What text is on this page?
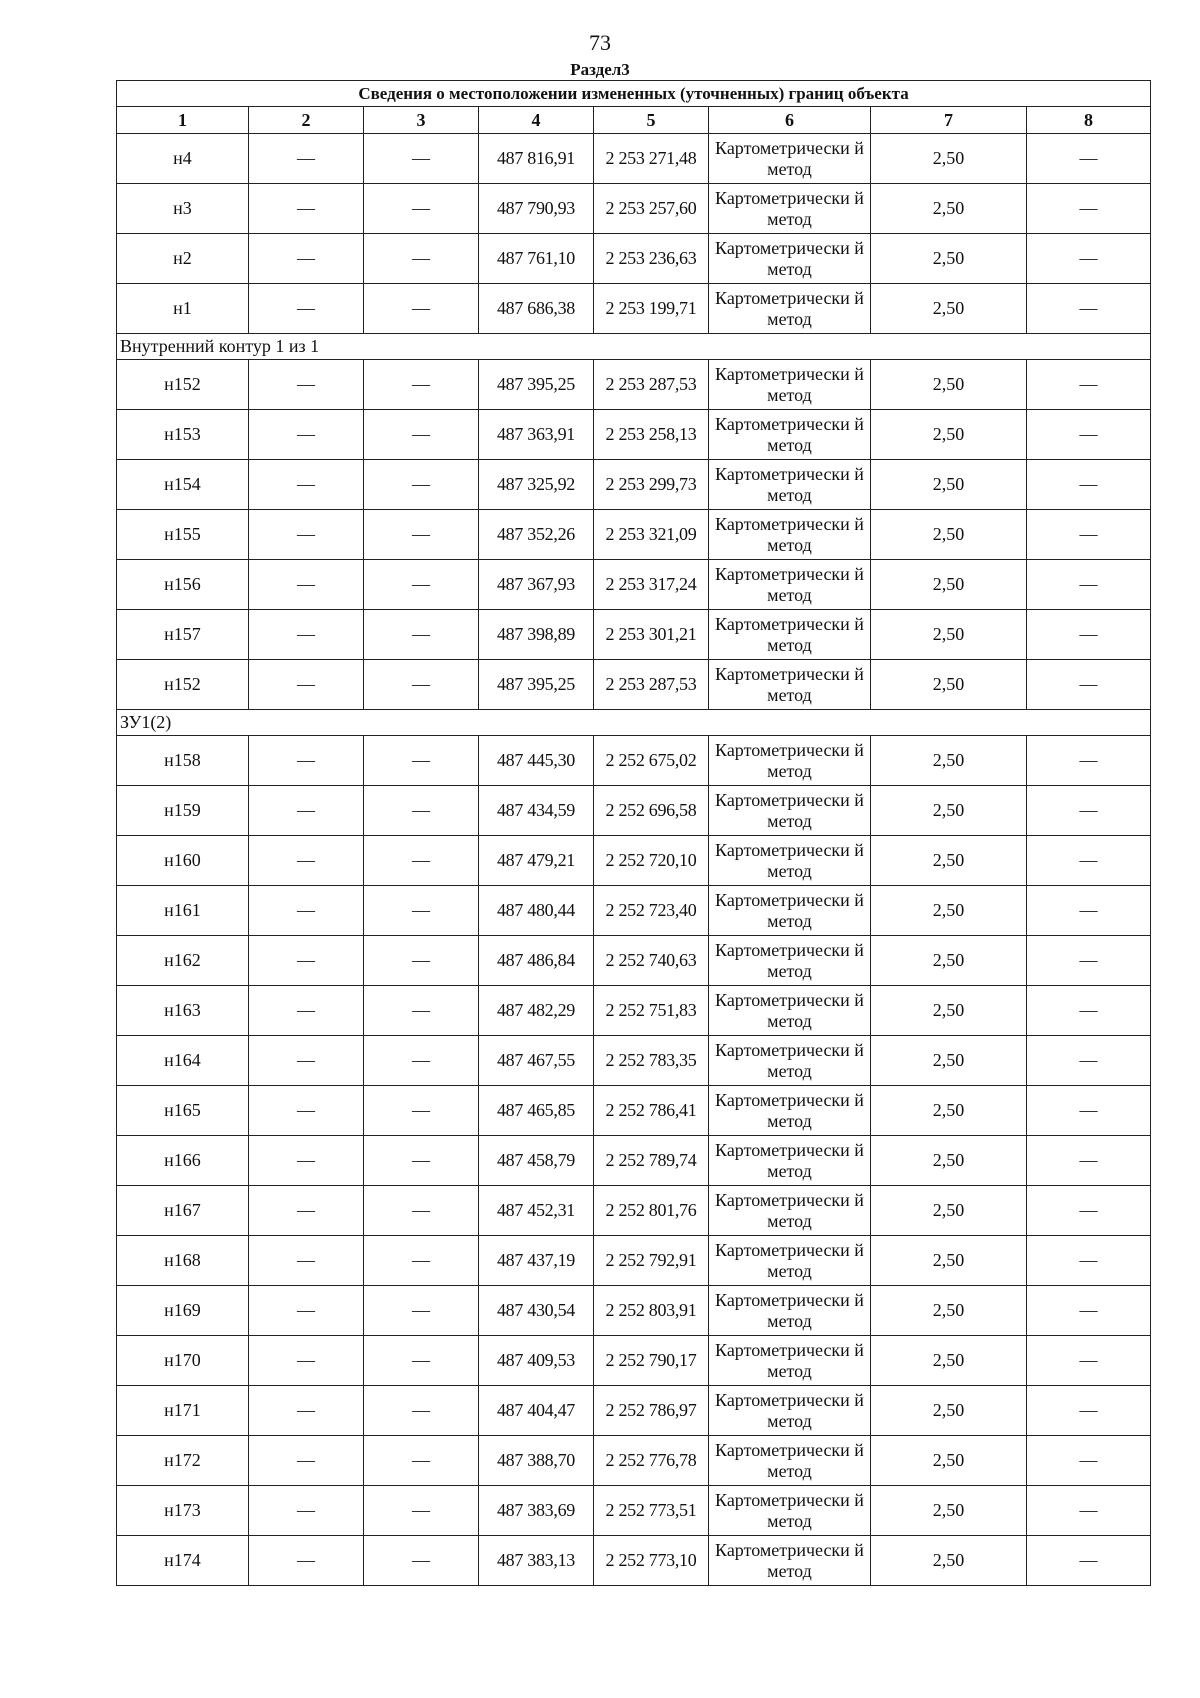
73
Раздел3
Сведения о местоположении измененных (уточненных) границ объекта							
1	2	3	4	5	6	7	8
н4	—	—	487 816,91	2 253 271,48	Картометрически й метод	2,50	—
н3	—	—	487 790,93	2 253 257,60	Картометрически й метод	2,50	—
н2	—	—	487 761,10	2 253 236,63	Картометрически й метод	2,50	—
н1	—	—	487 686,38	2 253 199,71	Картометрически й метод	2,50	—
Внутренний контур 1 из 1							
н152	—	—	487 395,25	2 253 287,53	Картометрически й метод	2,50	—
н153	—	—	487 363,91	2 253 258,13	Картометрически й метод	2,50	—
н154	—	—	487 325,92	2 253 299,73	Картометрически й метод	2,50	—
н155	—	—	487 352,26	2 253 321,09	Картометрически й метод	2,50	—
н156	—	—	487 367,93	2 253 317,24	Картометрически й метод	2,50	—
н157	—	—	487 398,89	2 253 301,21	Картометрически й метод	2,50	—
н152	—	—	487 395,25	2 253 287,53	Картометрически й метод	2,50	—
ЗУ1(2)							
н158	—	—	487 445,30	2 252 675,02	Картометрически й метод	2,50	—
н159	—	—	487 434,59	2 252 696,58	Картометрически й метод	2,50	—
н160	—	—	487 479,21	2 252 720,10	Картометрически й метод	2,50	—
н161	—	—	487 480,44	2 252 723,40	Картометрически й метод	2,50	—
н162	—	—	487 486,84	2 252 740,63	Картометрически й метод	2,50	—
н163	—	—	487 482,29	2 252 751,83	Картометрически й метод	2,50	—
н164	—	—	487 467,55	2 252 783,35	Картометрически й метод	2,50	—
н165	—	—	487 465,85	2 252 786,41	Картометрически й метод	2,50	—
н166	—	—	487 458,79	2 252 789,74	Картометрически й метод	2,50	—
н167	—	—	487 452,31	2 252 801,76	Картометрически й метод	2,50	—
н168	—	—	487 437,19	2 252 792,91	Картометрически й метод	2,50	—
н169	—	—	487 430,54	2 252 803,91	Картометрически й метод	2,50	—
н170	—	—	487 409,53	2 252 790,17	Картометрически й метод	2,50	—
н171	—	—	487 404,47	2 252 786,97	Картометрически й метод	2,50	—
н172	—	—	487 388,70	2 252 776,78	Картометрически й метод	2,50	—
н173	—	—	487 383,69	2 252 773,51	Картометрически й метод	2,50	—
н174	—	—	487 383,13	2 252 773,10	Картометрически й метод	2,50	—
